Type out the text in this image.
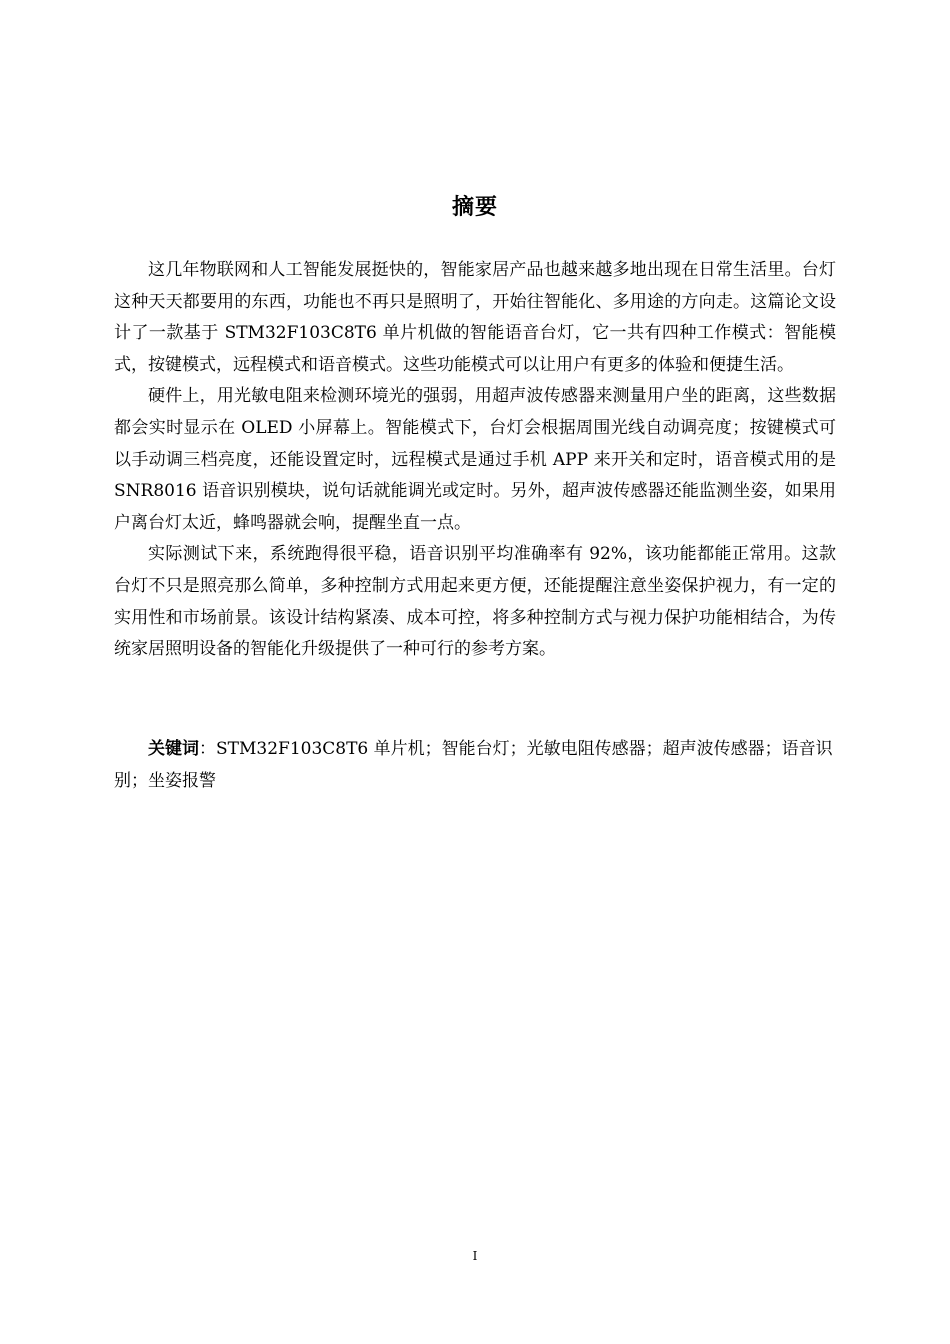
摘要

这几年物联网和人工智能发展挺快的，智能家居产品也越来越多地出现在日常生活里。台灯这种天天都要用的东西，功能也不再只是照明了，开始往智能化、多用途的方向走。这篇论文设计了一款基于 STM32F103C8T6 单片机做的智能语音台灯，它一共有四种工作模式：智能模式，按键模式，远程模式和语音模式。这些功能模式可以让用户有更多的体验和便捷生活。

硬件上，用光敏电阻来检测环境光的强弱，用超声波传感器来测量用户坐的距离，这些数据都会实时显示在 OLED 小屏幕上。智能模式下，台灯会根据周围光线自动调亮度；按键模式可以手动调三档亮度，还能设置定时，远程模式是通过手机 APP 来开关和定时，语音模式用的是 SNR8016 语音识别模块，说句话就能调光或定时。另外，超声波传感器还能监测坐姿，如果用户离台灯太近，蜂鸣器就会响，提醒坐直一点。

实际测试下来，系统跑得很平稳，语音识别平均准确率有 92%，该功能都能正常用。这款台灯不只是照亮那么简单，多种控制方式用起来更方便，还能提醒注意坐姿保护视力，有一定的实用性和市场前景。该设计结构紧凑、成本可控，将多种控制方式与视力保护功能相结合，为传统家居照明设备的智能化升级提供了一种可行的参考方案。

关键词：STM32F103C8T6 单片机；智能台灯；光敏电阻传感器；超声波传感器；语音识别；坐姿报警
I
